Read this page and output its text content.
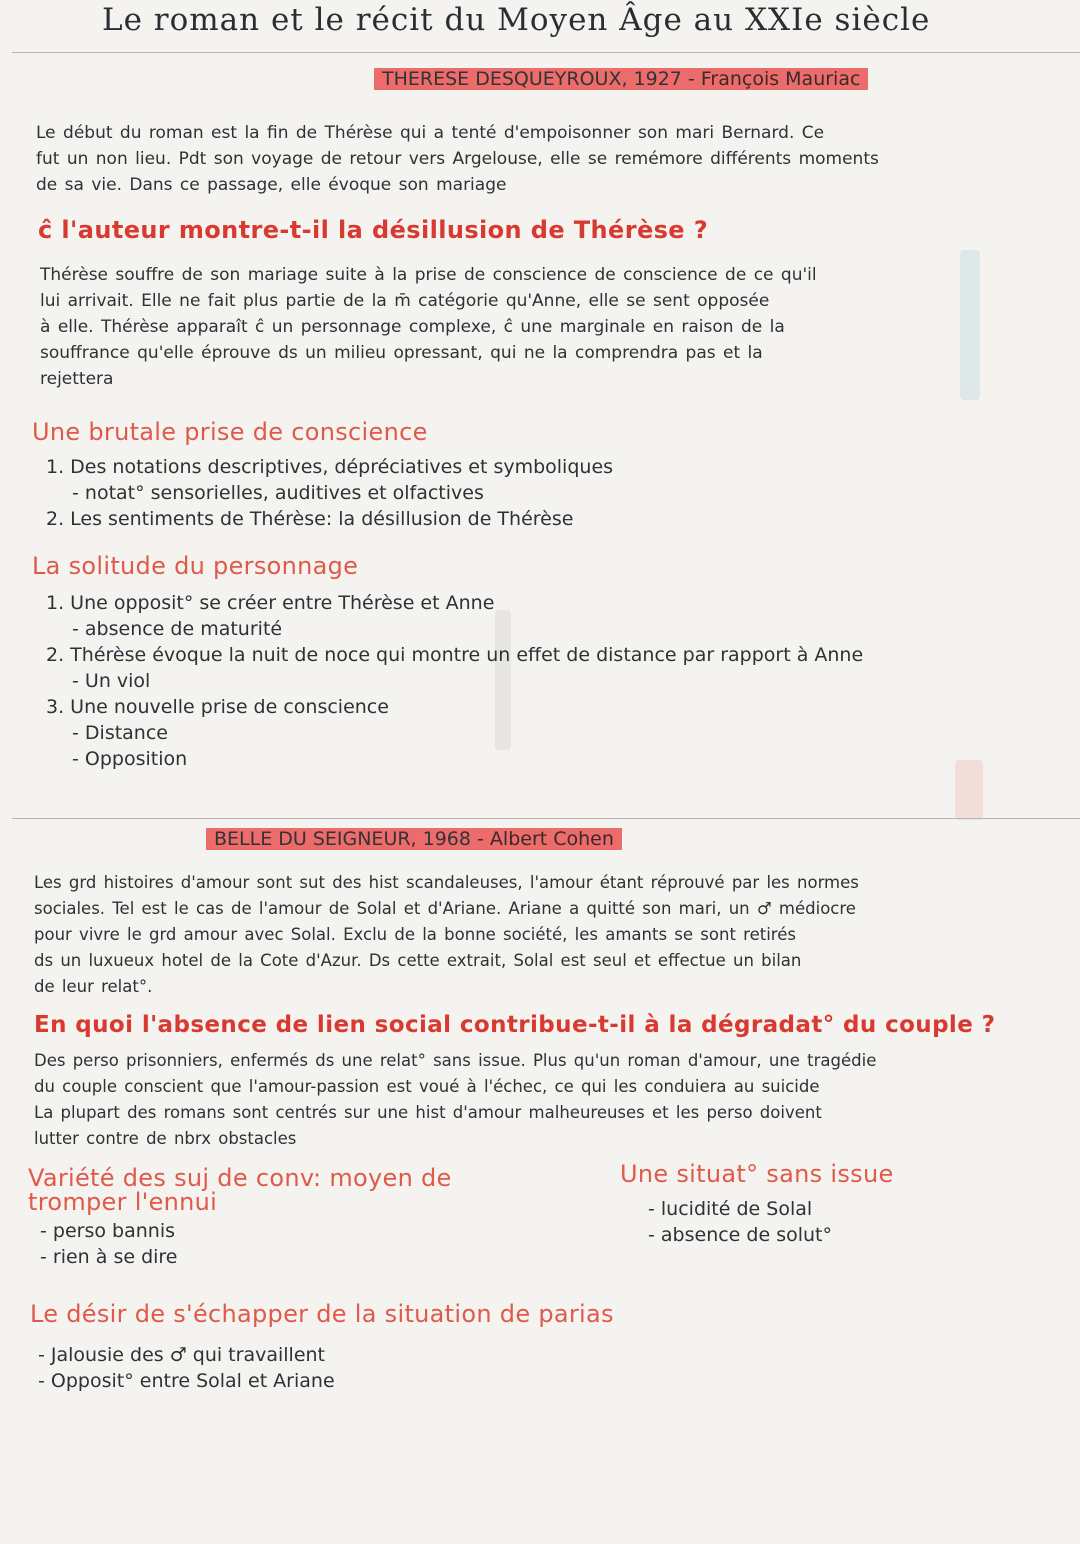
Le roman et le récit du Moyen Âge au XXIe siècle
THERESE DESQUEYROUX, 1927 - François Mauriac
Le début du roman est la fin de Thérèse qui a tenté d'empoisonner son mari Bernard. Ce
fut un non lieu. Pdt son voyage de retour vers Argelouse, elle se remémore différents moments
de sa vie. Dans ce passage, elle évoque son mariage
ĉ l'auteur montre-t-il la désillusion de Thérèse ?
Thérèse souffre de son mariage suite à la prise de conscience de conscience de ce qu'il
lui arrivait. Elle ne fait plus partie de la m̄ catégorie qu'Anne, elle se sent opposée
à elle. Thérèse apparaît ĉ un personnage complexe, ĉ une marginale en raison de la
souffrance qu'elle éprouve ds un milieu opressant, qui ne la comprendra pas et la
rejettera
Une brutale prise de conscience
1. Des notations descriptives, dépréciatives et symboliques
- notat° sensorielles, auditives et olfactives
2. Les sentiments de Thérèse: la désillusion de Thérèse
La solitude du personnage
1. Une opposit° se créer entre Thérèse et Anne
- absence de maturité
2. Thérèse évoque la nuit de noce qui montre un effet de distance par rapport à Anne
- Un viol
3. Une nouvelle prise de conscience
- Distance
- Opposition
BELLE DU SEIGNEUR, 1968 - Albert Cohen
Les grd histoires d'amour sont sut des hist scandaleuses, l'amour étant réprouvé par les normes
sociales. Tel est le cas de l'amour de Solal et d'Ariane. Ariane a quitté son mari, un ♂ médiocre
pour vivre le grd amour avec Solal. Exclu de la bonne société, les amants se sont retirés
ds un luxueux hotel de la Cote d'Azur. Ds cette extrait, Solal est seul et effectue un bilan
de leur relat°.
En quoi l'absence de lien social contribue-t-il à la dégradat° du couple ?
Des perso prisonniers, enfermés ds une relat° sans issue. Plus qu'un roman d'amour, une tragédie
du couple conscient que l'amour-passion est voué à l'échec, ce qui les conduiera au suicide
La plupart des romans sont centrés sur une hist d'amour malheureuses et les perso doivent
lutter contre de nbrx obstacles
Variété des suj de conv: moyen de
tromper l'ennui
- perso bannis
- rien à se dire
Une situat° sans issue
- lucidité de Solal
- absence de solut°
Le désir de s'échapper de la situation de parias
- Jalousie des ♂ qui travaillent
- Opposit° entre Solal et Ariane
